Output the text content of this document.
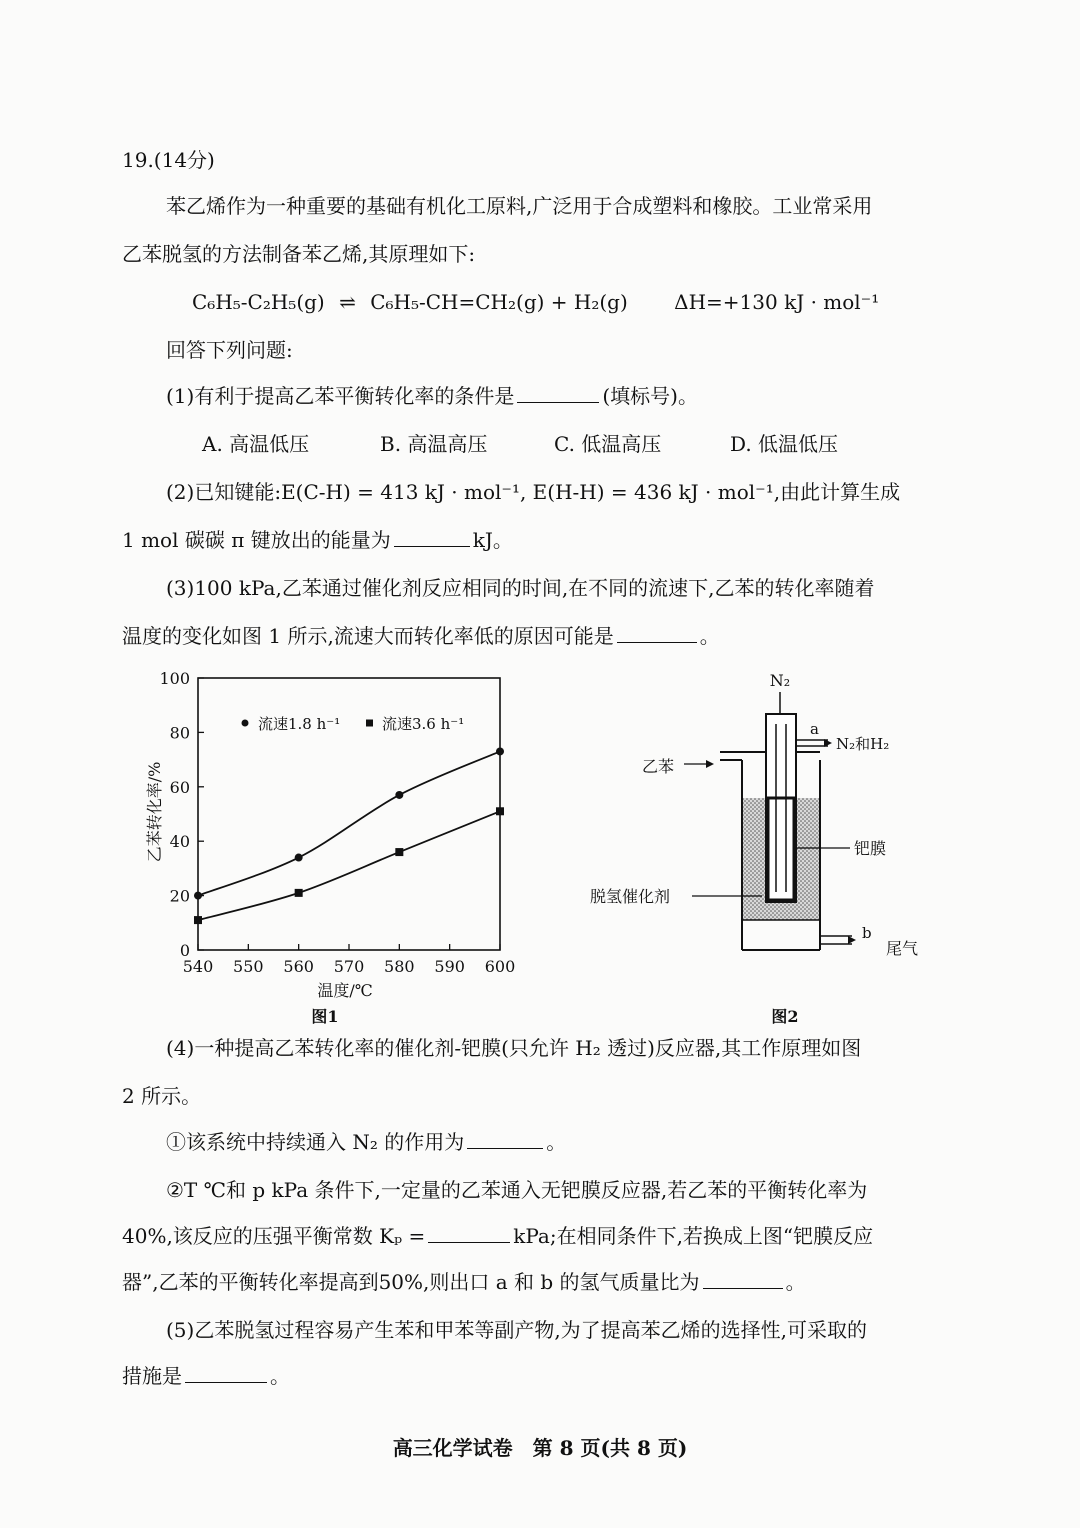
19.(14分)
苯乙烯作为一种重要的基础有机化工原料,广泛用于合成塑料和橡胶。工业常采用
乙苯脱氢的方法制备苯乙烯,其原理如下:
C₆H₅-C₂H₅(g) ⇌ C₆H₅-CH=CH₂(g) + H₂(g) ΔH=+130 kJ · mol⁻¹
回答下列问题:
(1)有利于提高乙苯平衡转化率的条件是	(填标号)。
A. 高温低压	B. 高温高压	C. 低温高压	D. 低温低压
(2)已知键能:E(C-H) = 413 kJ · mol⁻¹, E(H-H) = 436 kJ · mol⁻¹,由此计算生成
1 mol 碳碳 π 键放出的能量为	kJ。
(3)100 kPa,乙苯通过催化剂反应相同的时间,在不同的流速下,乙苯的转化率随着
温度的变化如图 1 所示,流速大而转化率低的原因可能是	。
0
20
40
60
80
100
540 550 560 570 580 590 600
流速1.8 h⁻¹	流速3.6 h⁻¹
乙苯转化率/%
温度/℃
图1
N₂
乙苯
a
N₂和H₂
钯膜
脱氢催化剂
b
尾气
图2
(4)一种提高乙苯转化率的催化剂-钯膜(只允许 H₂ 透过)反应器,其工作原理如图
2 所示。
①该系统中持续通入 N₂ 的作用为	。
②T ℃和 p kPa 条件下,一定量的乙苯通入无钯膜反应器,若乙苯的平衡转化率为
40%,该反应的压强平衡常数 Kₚ =	kPa;在相同条件下,若换成上图“钯膜反应
器”,乙苯的平衡转化率提高到50%,则出口 a 和 b 的氢气质量比为	。
(5)乙苯脱氢过程容易产生苯和甲苯等副产物,为了提高苯乙烯的选择性,可采取的
措施是	。
高三化学试卷　第 8 页(共 8 页)
